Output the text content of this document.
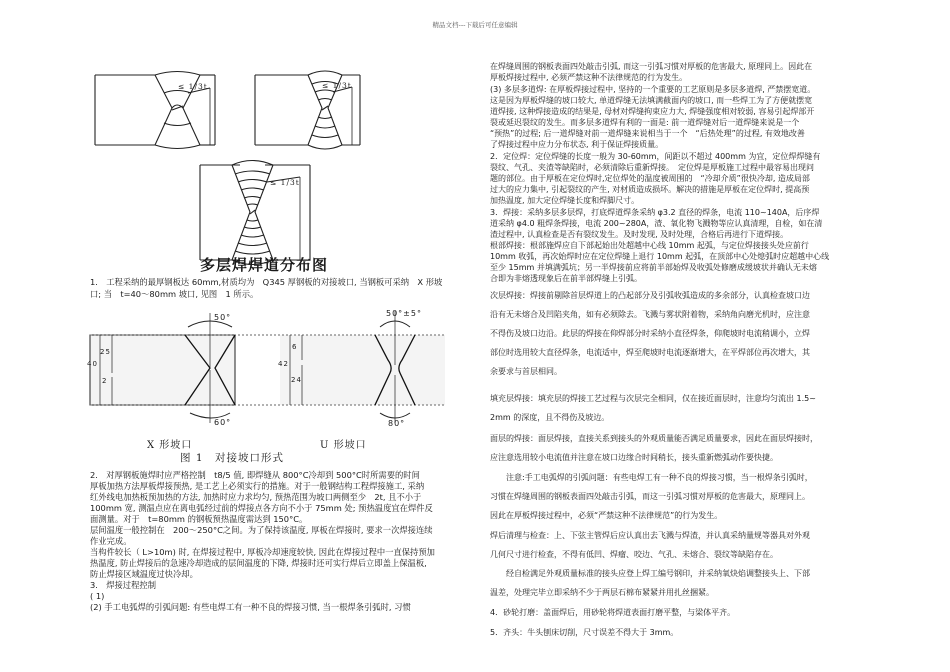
精品文档---下载后可任意编辑
≤ 1/3t	≤ 1/3t
≤ 1/3t
多层焊焊道分布图
1.　工程采纳的最厚钢板达 60mm,材质均为　Q345 厚钢板的对接坡口, 当钢板可采纳　X 形坡
口; 当　t=40〜80mm 坡口, 见图　1 所示。
50°
60°
50°±5°
80°
40
25
2
42
6
24
X 形坡口	U 形坡口
图 1　对接坡口形式
2.　对厚钢板施焊时应严格控制　t8/5 值, 即焊缝从 800°C冷却到 500°C时所需要的时间
厚板加热方法厚板焊接预热, 是工艺上必须实行的措施。对于一般钢结构工程焊接施工, 采纳
红外线电加热板预加热的方法, 加热时应力求均匀, 预热范围为坡口两侧至少　2t, 且不小于
100mm 宽, 测温点应在离电弧经过前的焊接点各方向不小于 75mm 处; 预热温度宜在焊件反
面测量。对于　t=80mm 的钢板预热温度需达到 150°C。
层间温度一般控制在　200〜250°C之间。为了保持该温度, 厚板在焊接时, 要求一次焊接连续
作业完成。
当构件较长（ L>10m) 时, 在焊接过程中, 厚板冷却速度较快, 因此在焊接过程中一直保持预加
热温度, 防止焊接后的急速冷却造成的层间温度的下降, 焊接时还可实行焊后立即盖上保温板,
防止焊接区域温度过快冷却。
3.　焊接过程控制
( 1)
(2) 手工电弧焊的引弧问题: 有些电焊工有一种不良的焊接习惯, 当一根焊条引弧时, 习惯
在焊缝周围的钢板表面四处敲击引弧, 而这一引弧习惯对厚板的危害最大, 原理同上。因此在
厚板焊接过程中, 必须严禁这种不法律规范的行为发生。
(3) 多层多道焊: 在厚板焊接过程中, 坚持的一个重要的工艺原则是多层多道焊, 严禁摆宽道。
这是因为厚板焊缝的坡口较大, 单道焊缝无法填满截面内的坡口, 而一些焊工为了方便就摆宽
道焊接, 这种焊接造成的结果是, 母材对焊缝拘束应力大, 焊缝强度相对较弱, 容易引起焊部开
裂或延迟裂纹的发生。而多层多道焊有利的一面是: 前一道焊缝对后一道焊缝来说是一个
“预热”的过程; 后一道焊缝对前一道焊缝来说相当于一个　“后热处理”的过程, 有效地改善
了焊接过程中应力分布状态, 利于保证焊接质量。
2．定位焊：定位焊缝的长度一般为 30-60mm，间距以不超过 400mm 为宜，定位焊焊缝有
裂纹、气孔、夹渣等缺陷时，必须清除后重新焊接。　定位焊是厚板施工过程中最容易出现问
题的部位。由于厚板在定位焊时,定位焊处的温度被周围的　“冷却介质”很快冷却, 造成局部
过大的应力集中, 引起裂纹的产生, 对材质造成损坏。解决的措施是厚板在定位焊时, 提高预
加热温度, 加大定位焊缝长度和焊脚尺寸。
3．焊接：采纳多层多层焊，打底焊道焊条采纳 φ3.2 直径的焊条，电流 110~140A，后序焊
道采纳 φ4.0 粗焊条焊接，电流 200~280A，渣、氧化物飞溅物等应认真清理，自检，如在清
渣过程中, 认真检查是否有裂纹发生。及时发现, 及时处理，合格后再进行下道焊接。
根部焊接：根部施焊应自下部起始出处超越中心线 10mm 起弧，与定位焊接接头处应前行
10mm 收弧，再次始焊时应在定位焊缝上退行 10mm 起弧，在顶部中心处熄弧时应超越中心线
至少 15mm 并填满弧坑；另一半焊接前应将前半部始焊及收弧处修磨成缓坡状并确认无未熔
合即为非熔透现象后在前半部焊缝上引弧。
次层焊接：焊接前剔除首层焊道上的凸起部分及引弧收弧造成的多余部分，认真检查坡口边
沿有无未熔合及凹陷夹角，如有必须除去。飞溅与雾状附着物，采纳角向磨光机时，应注意
不得伤及坡口边沿。此层的焊接在仰焊部分时采纳小直径焊条，仰爬坡时电流稍调小，立焊
部位时选用较大直径焊条，电流适中，焊至爬坡时电流逐渐增大，在平焊部位再次增大，其
余要求与首层相同。
填充层焊接：填充层的焊接工艺过程与次层完全相同，仅在接近面层时，注意均匀流出 1.5~
2mm 的深度，且不得伤及坡边。
面层的焊接：面层焊接，直接关系到接头的外观质量能否满足质量要求，因此在面层焊接时，
应注意选用较小电流值并注意在坡口边缘合时间稍长，接头重新燃弧动作要快捷。
　　注意:手工电弧焊的引弧问题：有些电焊工有一种不良的焊接习惯，当一根焊条引弧时，
习惯在焊缝周围的钢板表面四处敲击引弧，而这一引弧习惯对厚板的危害最大，原理同上。
因此在厚板焊接过程中，必须“严禁这种不法律规范”的行为发生。
焊后清理与检查：上、下弦主管焊后应认真出去飞溅与焊渣，并认真采纳量规等器具对外观
几何尺寸进行检查，不得有低凹、焊瘤、咬边、气孔、未熔合、裂纹等缺陷存在。
　　经自检满足外观质量标准的接头应登上焊工编号钢印，并采纳氧炔焰调整接头上、下部
温差，处理完毕立即采纳不少于两层石棉布紧紧并用扎丝捆紧。
4．砂轮打磨：盖面焊后，用砂轮将焊道表面打磨平整，与梁体平齐。
5．齐头：牛头刨床切削，尺寸误差不得大于 3mm。
